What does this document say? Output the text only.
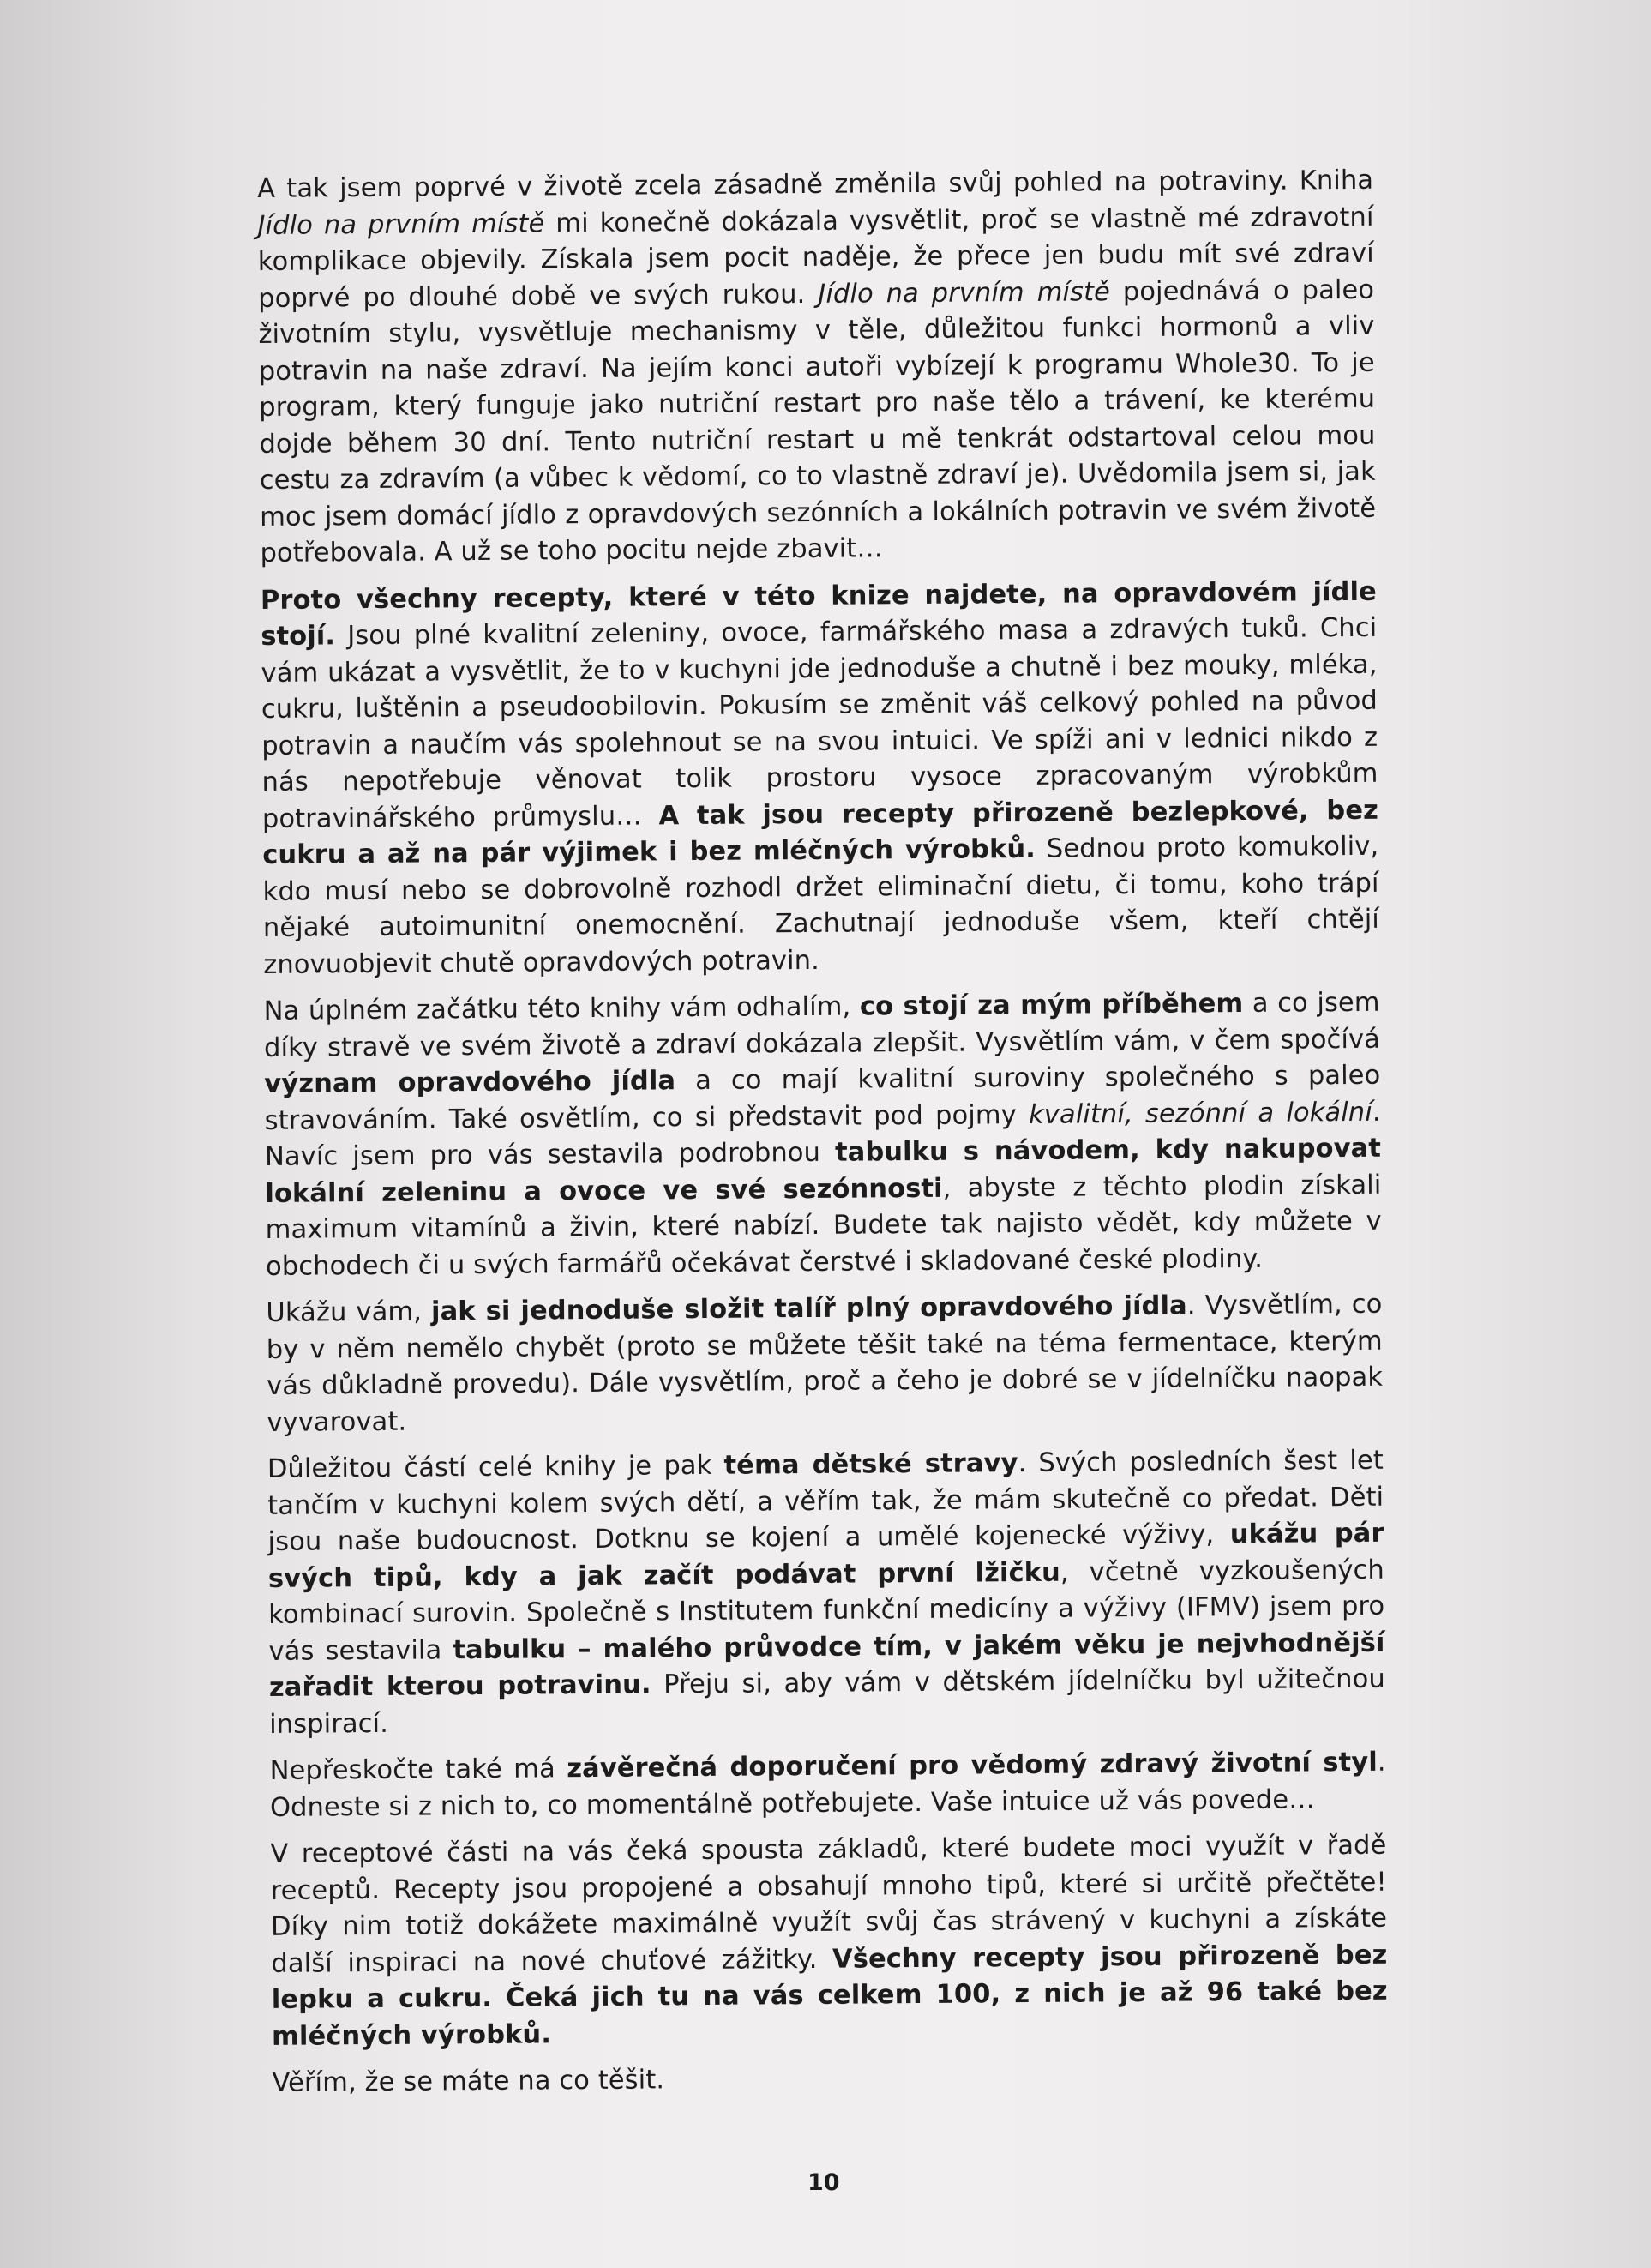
A tak jsem poprvé v životě zcela zásadně změnila svůj pohled na potraviny. Kniha Jídlo na prvním místě mi konečně dokázala vysvětlit, proč se vlastně mé zdravotní komplikace objevily. Získala jsem pocit naděje, že přece jen budu mít své zdraví poprvé po dlouhé době ve svých rukou. Jídlo na prvním místě pojednává o paleo životním stylu, vysvětluje mechanismy v těle, důležitou funkci hormonů a vliv potravin na naše zdraví. Na jejím konci autoři vybízejí k programu Whole30. To je program, který funguje jako nutriční restart pro naše tělo a trávení, ke kterému dojde během 30 dní. Tento nutriční restart u mě tenkrát odstartoval celou mou cestu za zdravím (a vůbec k vědomí, co to vlastně zdraví je). Uvědomila jsem si, jak moc jsem domácí jídlo z opravdových sezónních a lokálních potravin ve svém životě potřebovala. A už se toho pocitu nejde zbavit…

Proto všechny recepty, které v této knize najdete, na opravdovém jídle stojí. Jsou plné kvalitní zeleniny, ovoce, farmářského masa a zdravých tuků. Chci vám ukázat a vysvětlit, že to v kuchyni jde jednoduše a chutně i bez mouky, mléka, cukru, luštěnin a pseudoobilovin. Pokusím se změnit váš celkový pohled na původ potravin a naučím vás spolehnout se na svou intuici. Ve spíži ani v lednici nikdo z nás nepotřebuje věnovat tolik prostoru vysoce zpracovaným výrobkům potravinářského průmyslu… A tak jsou recepty přirozeně bezlepkové, bez cukru a až na pár výjimek i bez mléčných výrobků. Sednou proto komukoliv, kdo musí nebo se dobrovolně rozhodl držet eliminační dietu, či tomu, koho trápí nějaké autoimunitní onemocnění. Zachutnají jednoduše všem, kteří chtějí znovuobjevit chutě opravdových potravin.

Na úplném začátku této knihy vám odhalím, co stojí za mým příběhem a co jsem díky stravě ve svém životě a zdraví dokázala zlepšit. Vysvětlím vám, v čem spočívá význam opravdového jídla a co mají kvalitní suroviny společného s paleo stravováním. Také osvětlím, co si představit pod pojmy kvalitní, sezónní a lokální. Navíc jsem pro vás sestavila podrobnou tabulku s návodem, kdy nakupovat lokální zeleninu a ovoce ve své sezónnosti, abyste z těchto plodin získali maximum vitamínů a živin, které nabízí. Budete tak najisto vědět, kdy můžete v obchodech či u svých farmářů očekávat čerstvé i skladované české plodiny.

Ukážu vám, jak si jednoduše složit talíř plný opravdového jídla. Vysvětlím, co by v něm nemělo chybět (proto se můžete těšit také na téma fermentace, kterým vás důkladně provedu). Dále vysvětlím, proč a čeho je dobré se v jídelníčku naopak vyvarovat.

Důležitou částí celé knihy je pak téma dětské stravy. Svých posledních šest let tančím v kuchyni kolem svých dětí, a věřím tak, že mám skutečně co předat. Děti jsou naše budoucnost. Dotknu se kojení a umělé kojenecké výživy, ukážu pár svých tipů, kdy a jak začít podávat první lžičku, včetně vyzkoušených kombinací surovin. Společně s Institutem funkční medicíny a výživy (IFMV) jsem pro vás sestavila tabulku – malého průvodce tím, v jakém věku je nejvhodnější zařadit kterou potravinu. Přeju si, aby vám v dětském jídelníčku byl užitečnou inspirací.

Nepřeskočte také má závěrečná doporučení pro vědomý zdravý životní styl. Odneste si z nich to, co momentálně potřebujete. Vaše intuice už vás povede…

V receptové části na vás čeká spousta základů, které budete moci využít v řadě receptů. Recepty jsou propojené a obsahují mnoho tipů, které si určitě přečtěte! Díky nim totiž dokážete maximálně využít svůj čas strávený v kuchyni a získáte další inspiraci na nové chuťové zážitky. Všechny recepty jsou přirozeně bez lepku a cukru. Čeká jich tu na vás celkem 100, z nich je až 96 také bez mléčných výrobků.

Věřím, že se máte na co těšit.

10
